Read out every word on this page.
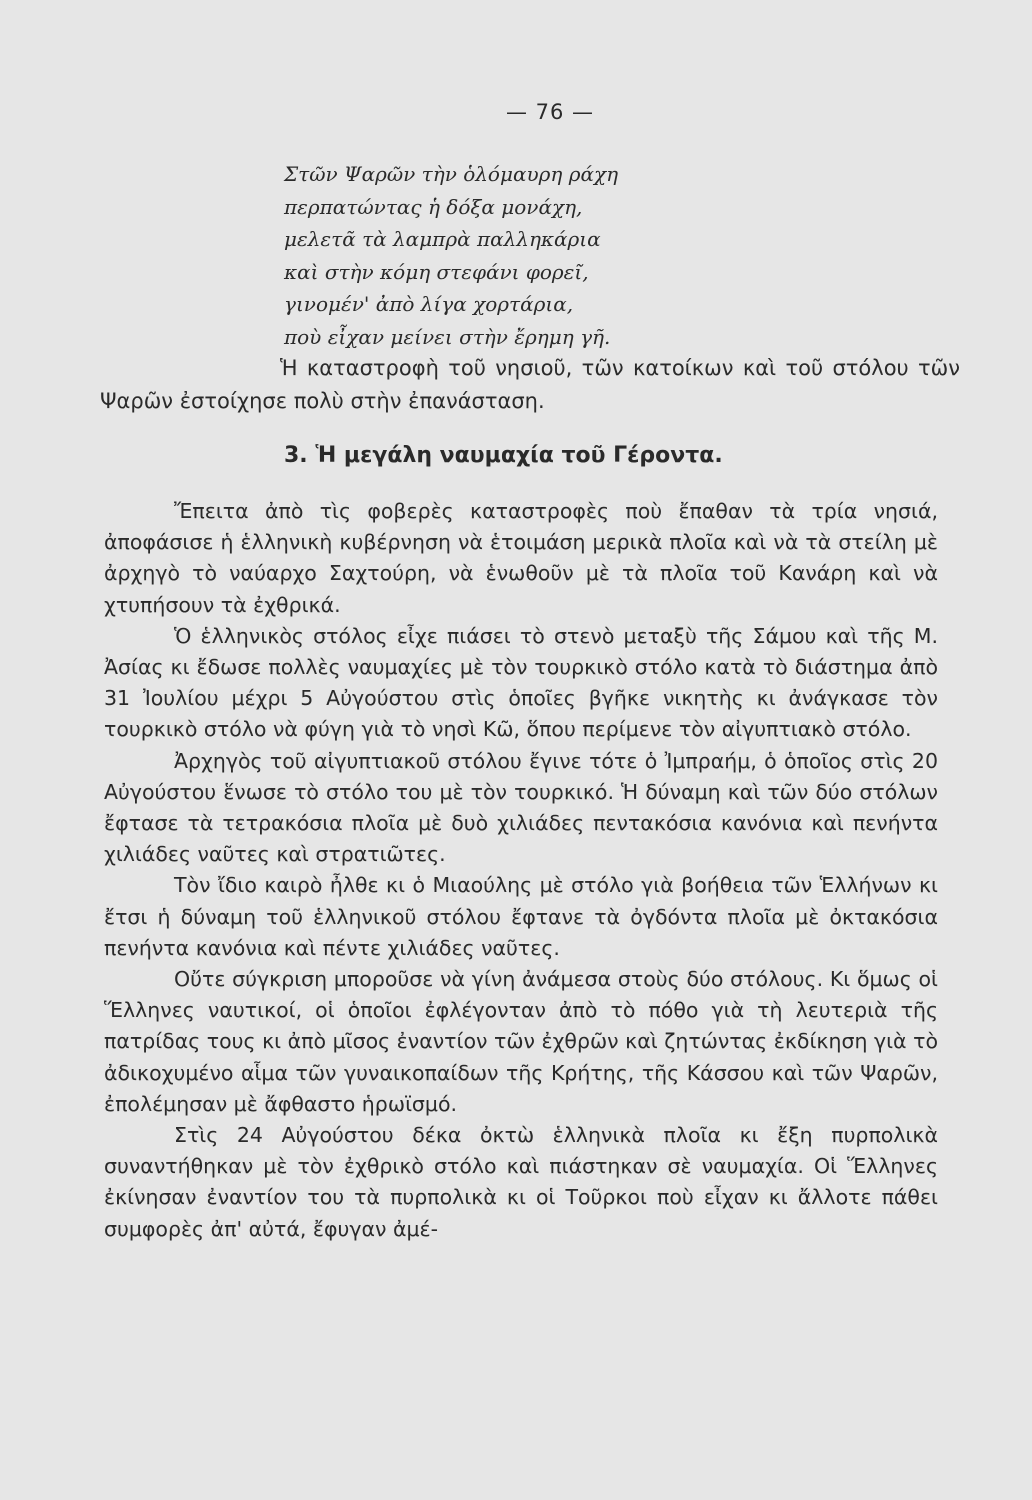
— 76 —
Στῶν Ψαρῶν τὴν ὁλόμαυρη ράχη
περπατώντας ἡ δόξα μονάχη,
μελετᾶ τὰ λαμπρὰ παλληκάρια
καὶ στὴν κόμη στεφάνι φορεῖ,
γινομέν' ἀπὸ λίγα χορτάρια,
ποὺ εἶχαν μείνει στὴν ἔρημη γῆ.

Ἡ καταστροφὴ τοῦ νησιοῦ, τῶν κατοίκων καὶ τοῦ στόλου τῶν Ψαρῶν ἐστοίχησε πολὺ στὴν ἐπανάσταση.

3. Ἡ μεγάλη ναυμαχία τοῦ Γέροντα.

Ἔπειτα ἀπὸ τὶς φοβερὲς καταστροφὲς ποὺ ἔπαθαν τὰ τρία νησιά, ἀποφάσισε ἡ ἑλληνικὴ κυβέρνηση νὰ ἑτοιμάση μερικὰ πλοῖα καὶ νὰ τὰ στείλη μὲ ἀρχηγὸ τὸ ναύαρχο Σαχτούρη, νὰ ἑνωθοῦν μὲ τὰ πλοῖα τοῦ Κανάρη καὶ νὰ χτυπήσουν τὰ ἐχθρικά.

Ὁ ἑλληνικὸς στόλος εἶχε πιάσει τὸ στενὸ μεταξὺ τῆς Σάμου καὶ τῆς Μ. Ἀσίας κι ἔδωσε πολλὲς ναυμαχίες μὲ τὸν τουρκικὸ στόλο κατὰ τὸ διάστημα ἀπὸ 31 Ἰουλίου μέχρι 5 Αὐγούστου στὶς ὁποῖες βγῆκε νικητὴς κι ἀνάγκασε τὸν τουρκικὸ στόλο νὰ φύγη γιὰ τὸ νησὶ Κῶ, ὅπου περίμενε τὸν αἰγυπτιακὸ στόλο.

Ἀρχηγὸς τοῦ αἰγυπτιακοῦ στόλου ἔγινε τότε ὁ Ἰμπραήμ, ὁ ὁποῖος στὶς 20 Αὐγούστου ἕνωσε τὸ στόλο του μὲ τὸν τουρκικό. Ἡ δύναμη καὶ τῶν δύο στόλων ἔφτασε τὰ τετρακόσια πλοῖα μὲ δυὸ χιλιάδες πεντακόσια κανόνια καὶ πενήντα χιλιάδες ναῦτες καὶ στρατιῶτες.

Τὸν ἴδιο καιρὸ ἦλθε κι ὁ Μιαούλης μὲ στόλο γιὰ βοήθεια τῶν Ἑλλήνων κι ἔτσι ἡ δύναμη τοῦ ἑλληνικοῦ στόλου ἔφτανε τὰ ὀγδόντα πλοῖα μὲ ὀκτακόσια πενήντα κανόνια καὶ πέντε χιλιάδες ναῦτες.

Οὔτε σύγκριση μποροῦσε νὰ γίνη ἀνάμεσα στοὺς δύο στόλους. Κι ὅμως οἱ Ἕλληνες ναυτικοί, οἱ ὁποῖοι ἐφλέγονταν ἀπὸ τὸ πόθο γιὰ τὴ λευτεριὰ τῆς πατρίδας τους κι ἀπὸ μῖσος ἐναντίον τῶν ἐχθρῶν καὶ ζητώντας ἐκδίκηση γιὰ τὸ ἀδικοχυμένο αἷμα τῶν γυναικοπαίδων τῆς Κρήτης, τῆς Κάσσου καὶ τῶν Ψαρῶν, ἐπολέμησαν μὲ ἄφθαστο ἡρωϊσμό.

Στὶς 24 Αὐγούστου δέκα ὀκτὼ ἑλληνικὰ πλοῖα κι ἔξη πυρπολικὰ συναντήθηκαν μὲ τὸν ἐχθρικὸ στόλο καὶ πιάστηκαν σὲ ναυμαχία. Οἱ Ἕλληνες ἐκίνησαν ἐναντίον του τὰ πυρπολικὰ κι οἱ Τοῦρκοι ποὺ εἶχαν κι ἄλλοτε πάθει συμφορὲς ἀπ' αὐτά, ἔφυγαν ἀμέ-
